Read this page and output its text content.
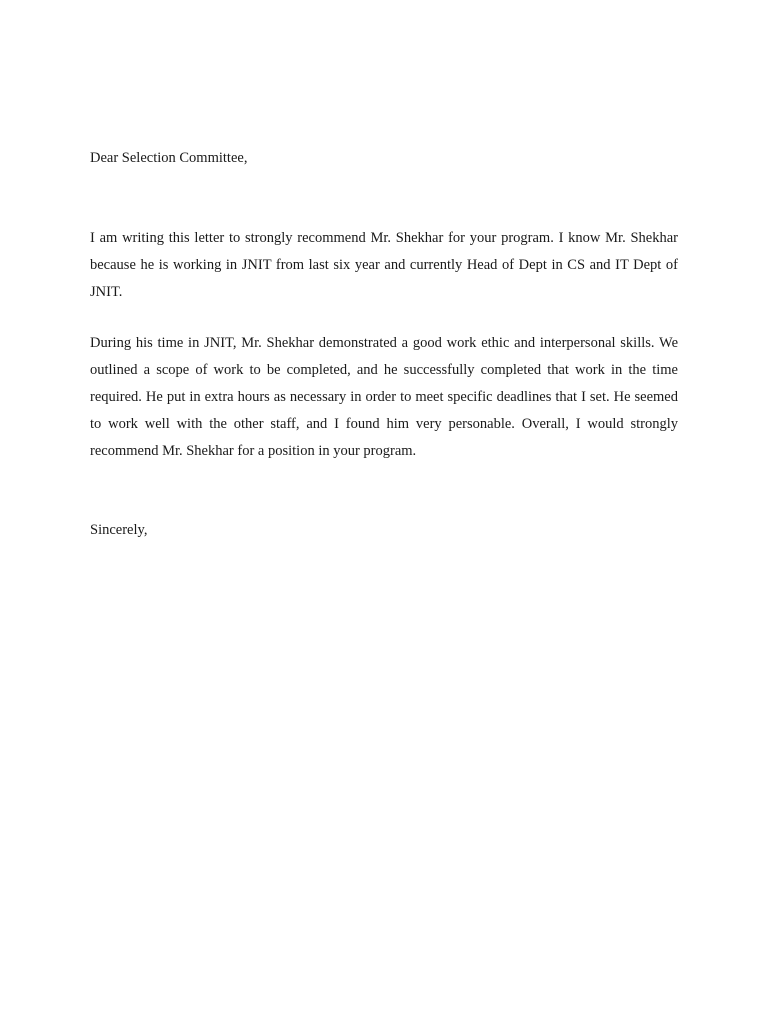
Dear Selection Committee,

I am writing this letter to strongly recommend Mr. Shekhar for your program. I know Mr. Shekhar because he is working in JNIT from last six year and currently Head of Dept in CS and IT Dept of JNIT.

During his time in JNIT, Mr. Shekhar demonstrated a good work ethic and interpersonal skills. We outlined a scope of work to be completed, and he successfully completed that work in the time required. He put in extra hours as necessary in order to meet specific deadlines that I set. He seemed to work well with the other staff, and I found him very personable. Overall, I would strongly recommend Mr. Shekhar for a position in your program.

Sincerely,
